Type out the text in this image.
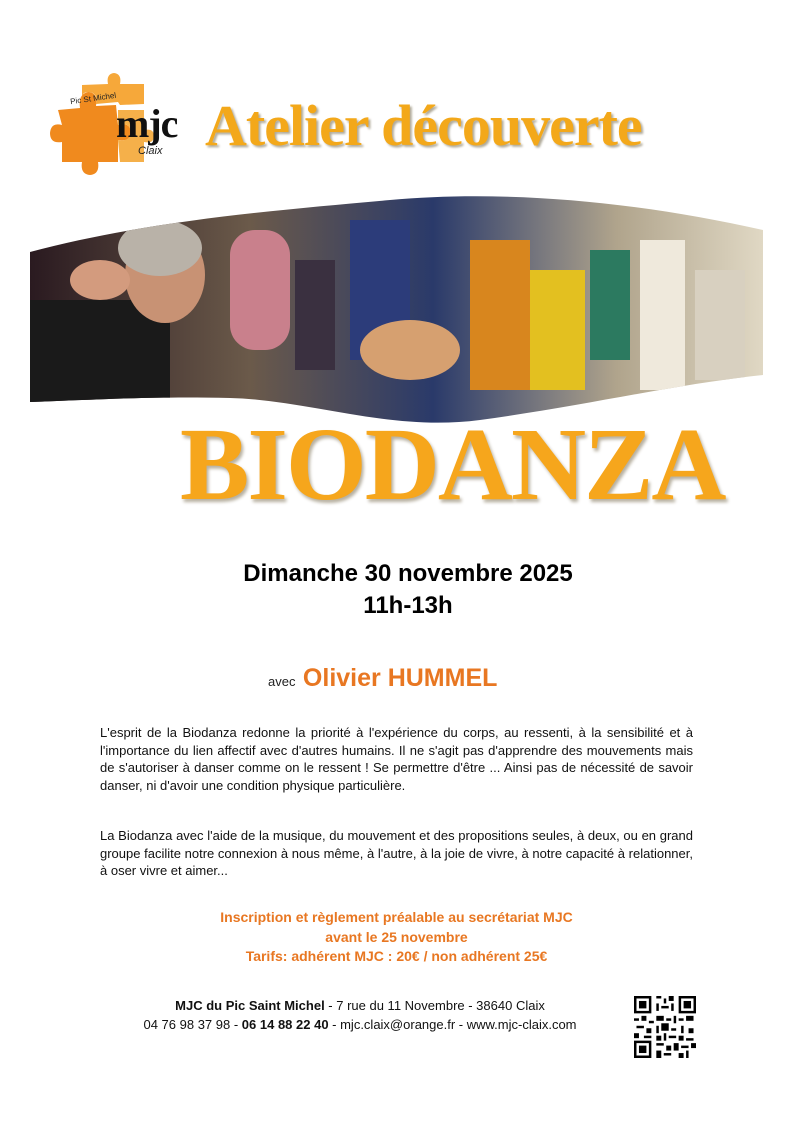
Pic St Michel
mjc
Claix Atelier découverte
BIODANZA
Dimanche 30 novembre 2025
11h-13h
avec Olivier HUMMEL

L'esprit de la Biodanza redonne la priorité à l'expérience du corps, au ressenti, à la sensibilité et à l'importance du lien affectif avec d'autres humains. Il ne s'agit pas d'apprendre des mouvements mais de s'autoriser à danser comme on le ressent ! Se permettre d'être ... Ainsi pas de nécessité de savoir danser, ni d'avoir une condition physique particulière.

La Biodanza avec l'aide de la musique, du mouvement et des propositions seules, à deux, ou en grand groupe facilite notre connexion à nous même, à l'autre, à la joie de vivre, à notre capacité à relationner, à oser vivre et aimer...

Inscription et règlement préalable au secrétariat MJC
avant le 25 novembre
Tarifs: adhérent MJC : 20€ / non adhérent 25€
MJC du Pic Saint Michel - 7 rue du 11 Novembre - 38640 Claix
04 76 98 37 98 - 06 14 88 22 40 - mjc.claix@orange.fr - www.mjc-claix.com
